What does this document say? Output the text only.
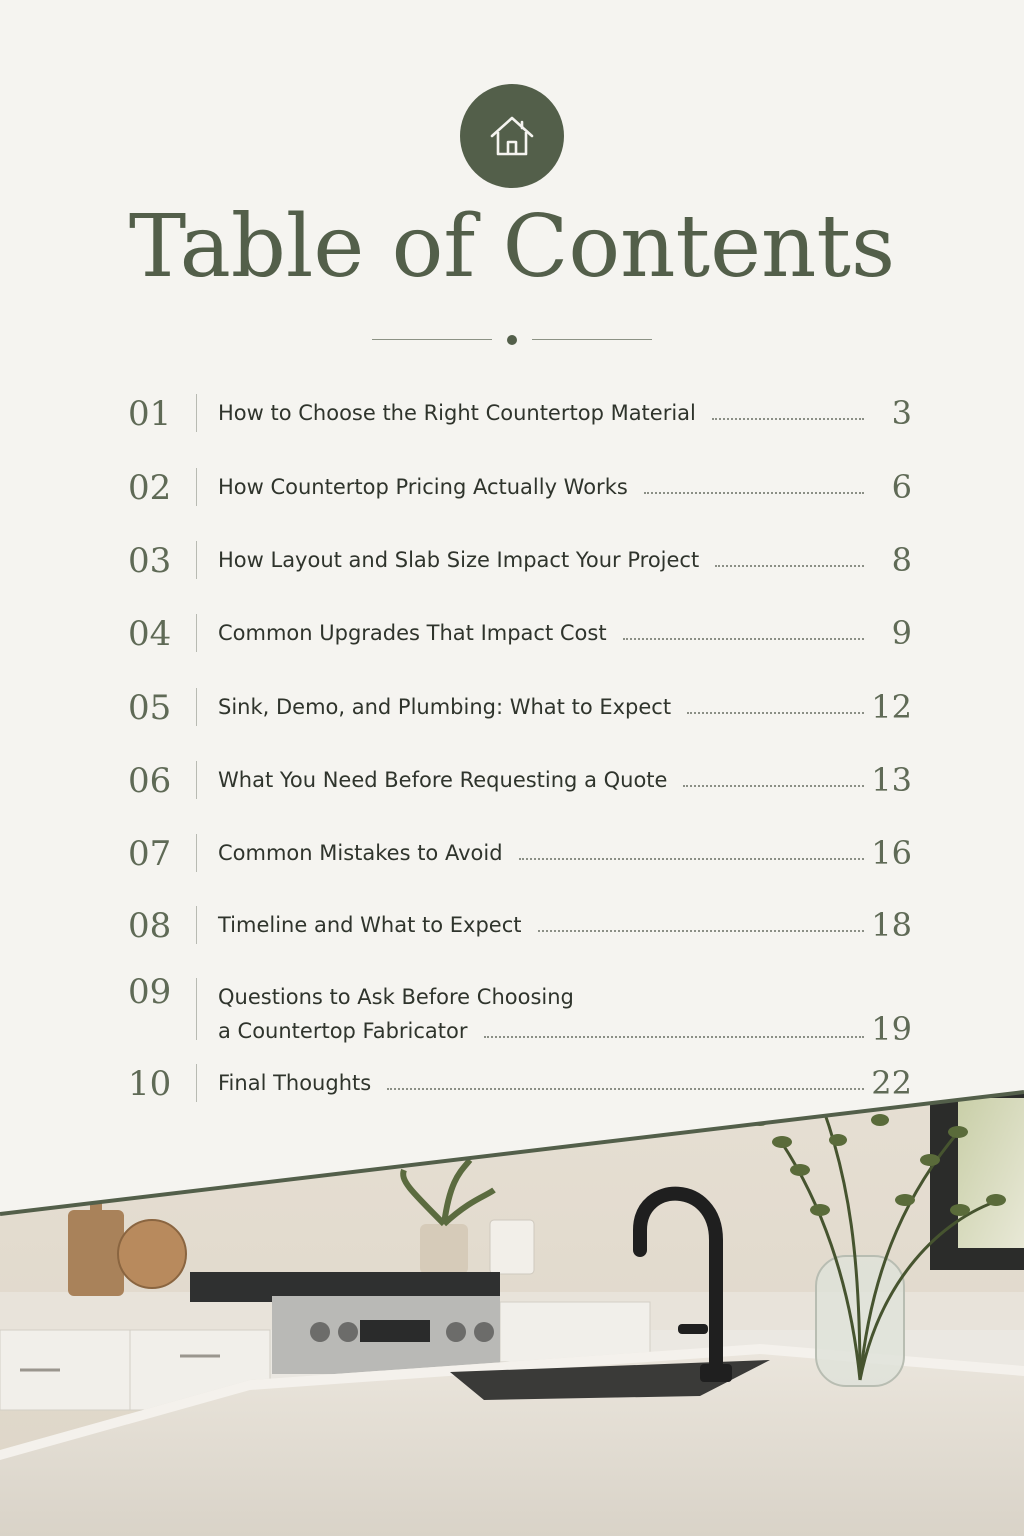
Table of Contents
01	How to Choose the Right Countertop Material	3
02	How Countertop Pricing Actually Works	6
03	How Layout and Slab Size Impact Your Project	8
04	Common Upgrades That Impact Cost	9
05	Sink, Demo, and Plumbing: What to Expect	12
06	What You Need Before Requesting a Quote	13
07	Common Mistakes to Avoid	16
08	Timeline and What to Expect	18
09	Questions to Ask Before Choosing
a Countertop Fabricator	19
10	Final Thoughts	22
